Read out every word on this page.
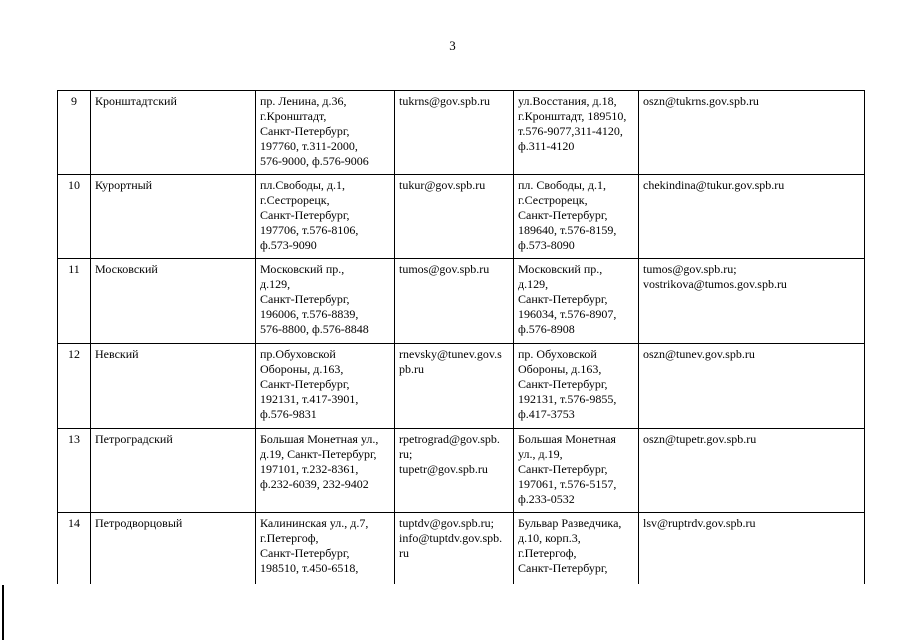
3
9	Кронштадтский	пр. Ленина, д.36,
г.Кронштадт,
Санкт-Петербург,
197760, т.311-2000,
576-9000, ф.576-9006	tukrns@gov.spb.ru	ул.Восстания, д.18,
г.Кронштадт, 189510,
т.576-9077,311-4120,
ф.311-4120	oszn@tukrns.gov.spb.ru
10	Курортный	пл.Свободы, д.1,
г.Сестрорецк,
Санкт-Петербург,
197706, т.576-8106,
ф.573-9090	tukur@gov.spb.ru	пл. Свободы, д.1,
г.Сестрорецк,
Санкт-Петербург,
189640, т.576-8159,
ф.573-8090	chekindina@tukur.gov.spb.ru
11	Московский	Московский пр.,
д.129,
Санкт-Петербург,
196006, т.576-8839,
576-8800, ф.576-8848	tumos@gov.spb.ru	Московский пр.,
д.129,
Санкт-Петербург,
196034, т.576-8907,
ф.576-8908	tumos@gov.spb.ru;
vostrikova@tumos.gov.spb.ru
12	Невский	пр.Обуховской
Обороны, д.163,
Санкт-Петербург,
192131, т.417-3901,
ф.576-9831	rnevsky@tunev.gov.s
pb.ru	пр. Обуховской
Обороны, д.163,
Санкт-Петербург,
192131, т.576-9855,
ф.417-3753	oszn@tunev.gov.spb.ru
13	Петроградский	Большая Монетная ул.,
д.19, Санкт-Петербург,
197101, т.232-8361,
ф.232-6039, 232-9402	rpetrograd@gov.spb.
ru;
tupetr@gov.spb.ru	Большая Монетная
ул., д.19,
Санкт-Петербург,
197061, т.576-5157,
ф.233-0532	oszn@tupetr.gov.spb.ru
14	Петродворцовый	Калининская ул., д.7,
г.Петергоф,
Санкт-Петербург,
198510, т.450-6518,	tuptdv@gov.spb.ru;
info@tuptdv.gov.spb.
ru	Бульвар Разведчика,
д.10, корп.3,
г.Петергоф,
Санкт-Петербург,	lsv@ruptrdv.gov.spb.ru
